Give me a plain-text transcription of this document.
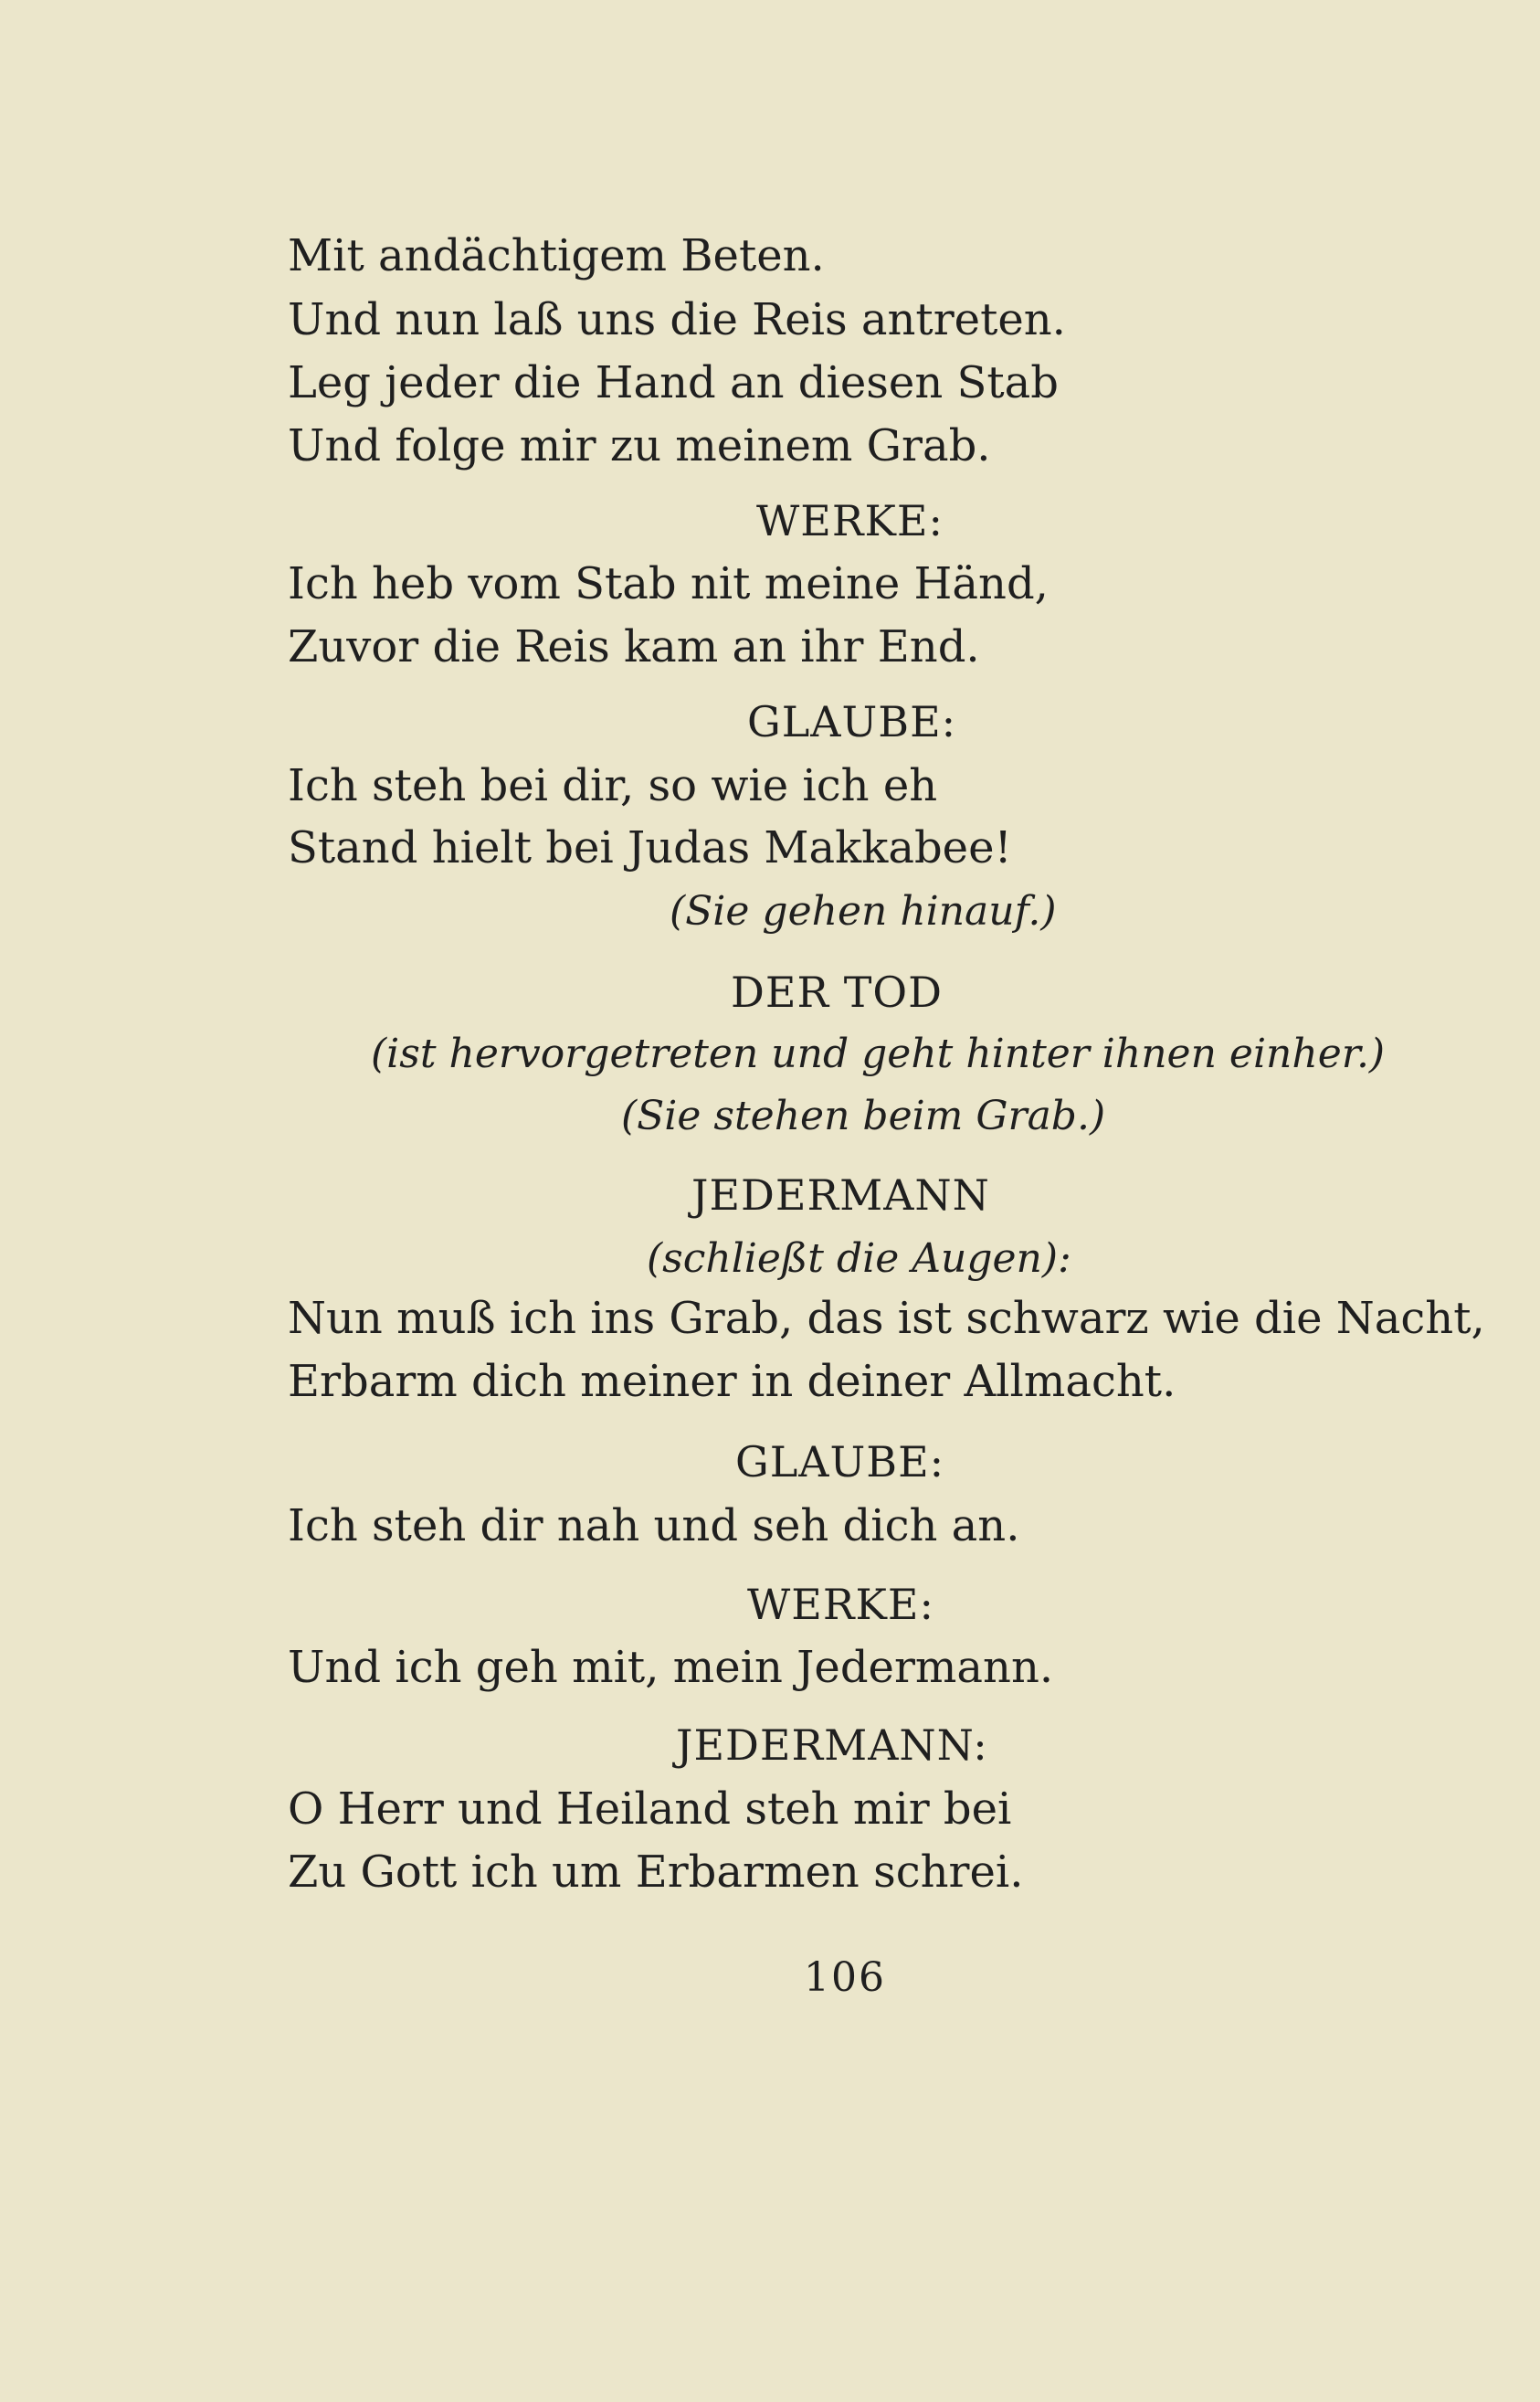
Mit andächtigem Beten.
Und nun laß uns die Reis antreten.
Leg jeder die Hand an diesen Stab
Und folge mir zu meinem Grab.
WERKE:
Ich heb vom Stab nit meine Händ,
Zuvor die Reis kam an ihr End.
GLAUBE:
Ich steh bei dir, so wie ich eh
Stand hielt bei Judas Makkabee!
(Sie gehen hinauf.)
DER TOD
(ist hervorgetreten und geht hinter ihnen einher.)
(Sie stehen beim Grab.)
JEDERMANN
(schließt die Augen):
Nun muß ich ins Grab, das ist schwarz wie die Nacht,
Erbarm dich meiner in deiner Allmacht.
GLAUBE:
Ich steh dir nah und seh dich an.
WERKE:
Und ich geh mit, mein Jedermann.
JEDERMANN:
O Herr und Heiland steh mir bei
Zu Gott ich um Erbarmen schrei.
106
